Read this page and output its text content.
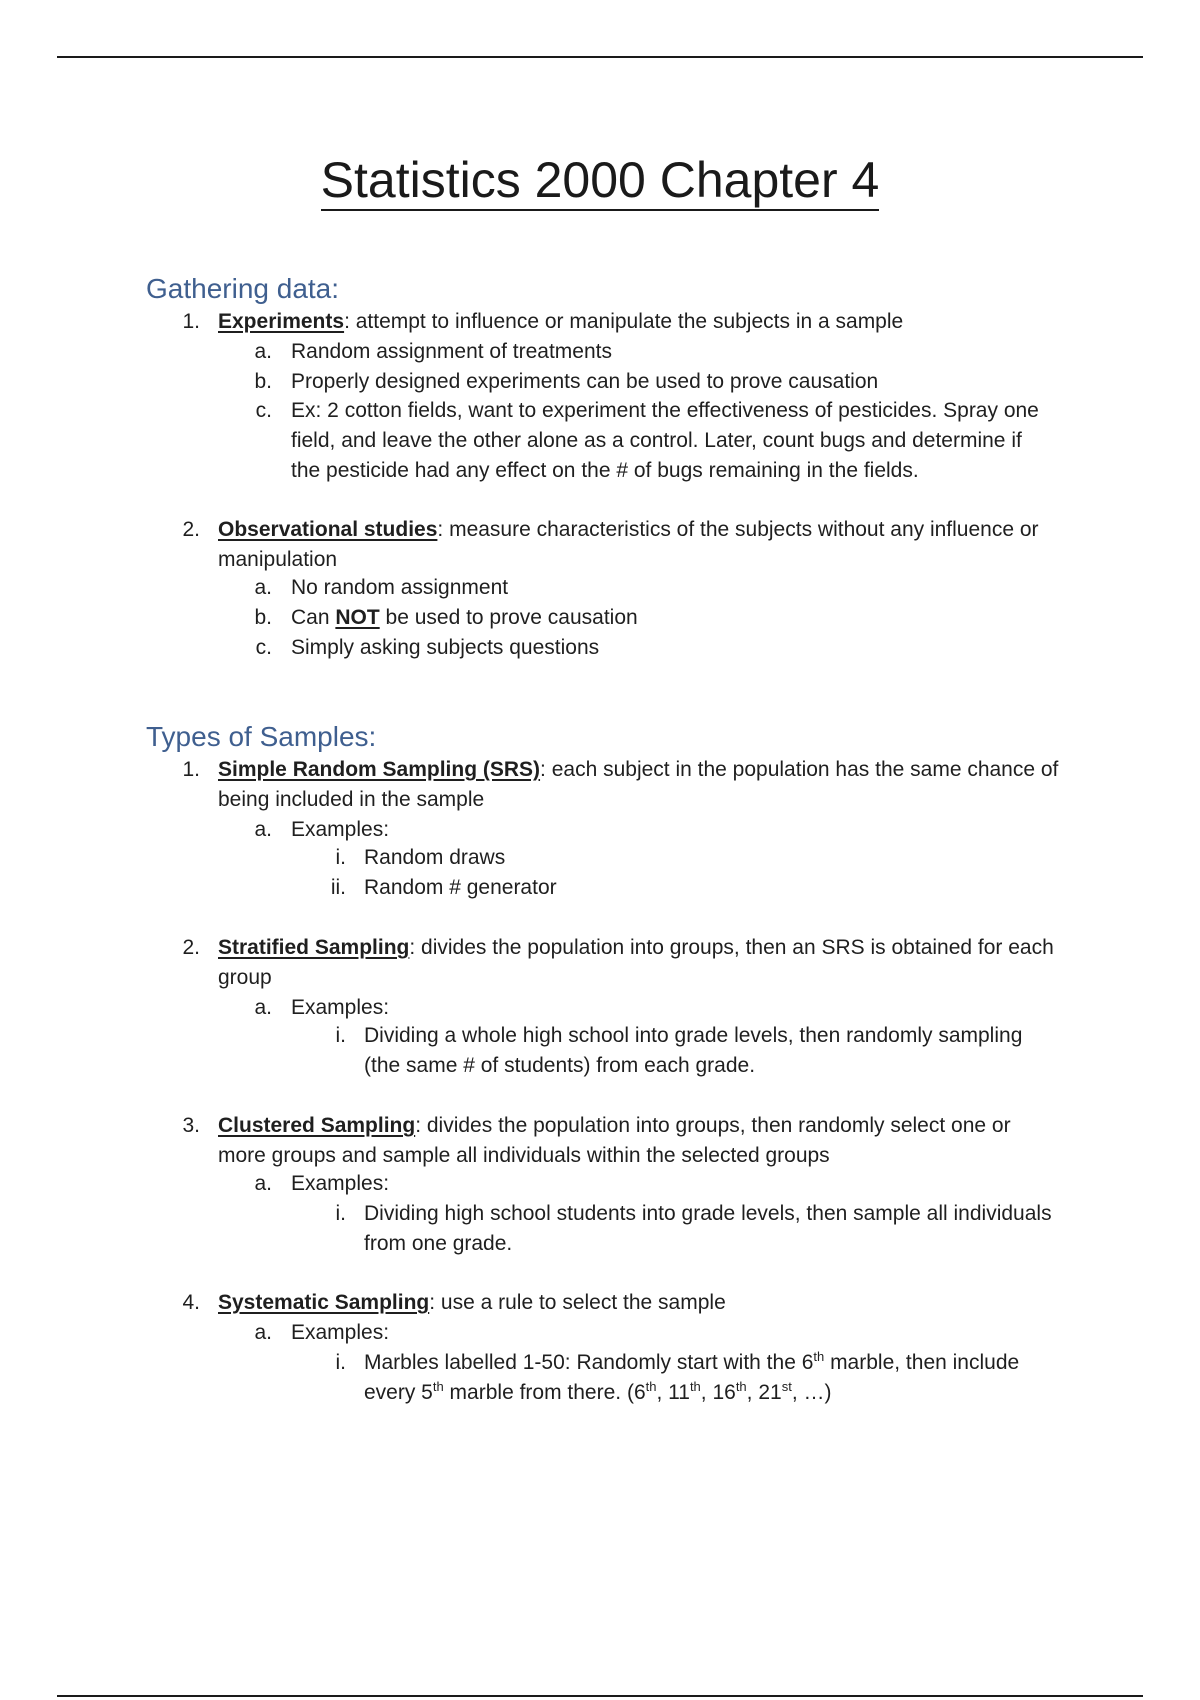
Statistics 2000 Chapter 4
Gathering data:
1. Experiments: attempt to influence or manipulate the subjects in a sample
a. Random assignment of treatments
b. Properly designed experiments can be used to prove causation
c. Ex: 2 cotton fields, want to experiment the effectiveness of pesticides. Spray one
field, and leave the other alone as a control. Later, count bugs and determine if
the pesticide had any effect on the # of bugs remaining in the fields.
2. Observational studies: measure characteristics of the subjects without any influence or
manipulation
a. No random assignment
b. Can NOT be used to prove causation
c. Simply asking subjects questions
Types of Samples:
1. Simple Random Sampling (SRS): each subject in the population has the same chance of
being included in the sample
a. Examples:
i. Random draws
ii. Random # generator
2. Stratified Sampling: divides the population into groups, then an SRS is obtained for each
group
a. Examples:
i. Dividing a whole high school into grade levels, then randomly sampling
(the same # of students) from each grade.
3. Clustered Sampling: divides the population into groups, then randomly select one or
more groups and sample all individuals within the selected groups
a. Examples:
i. Dividing high school students into grade levels, then sample all individuals
from one grade.
4. Systematic Sampling: use a rule to select the sample
a. Examples:
i. Marbles labelled 1-50: Randomly start with the 6th marble, then include
every 5th marble from there. (6th, 11th, 16th, 21st, …)
